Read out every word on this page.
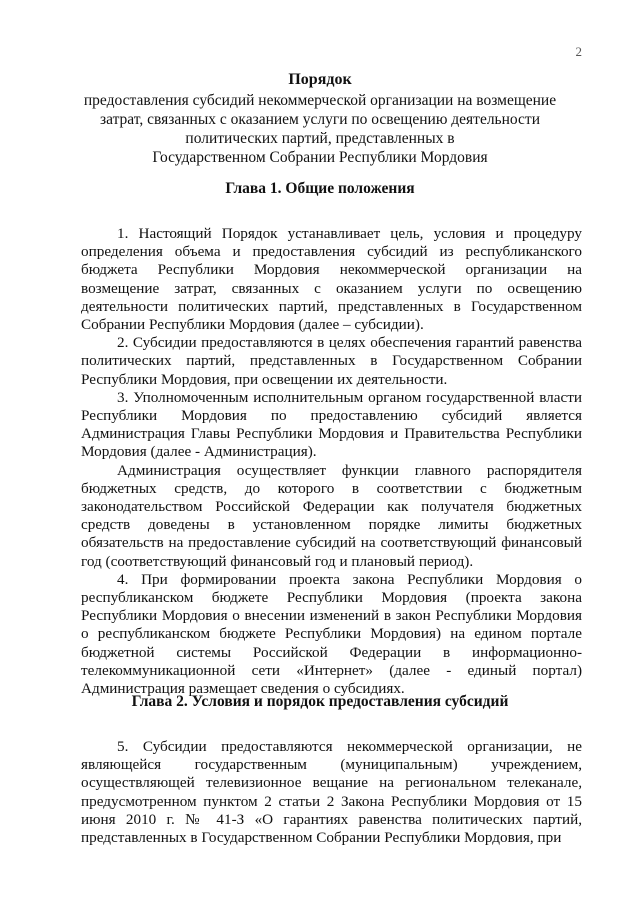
2
Порядок
предоставления субсидий некоммерческой организации на возмещение
затрат, связанных с оказанием услуги по освещению деятельности
политических партий, представленных в
Государственном Собрании Республики Мордовия
Глава 1. Общие положения

1. Настоящий Порядок устанавливает цель, условия и процедуру определения объема и предоставления субсидий из республиканского бюджета Республики Мордовия некоммерческой организации на возмещение затрат, связанных с оказанием услуги по освещению деятельности политических партий, представленных в Государственном Собрании Республики Мордовия (далее – субсидии).

2. Субсидии предоставляются в целях обеспечения гарантий равенства политических партий, представленных в Государственном Собрании Республики Мордовия, при освещении их деятельности.

3. Уполномоченным исполнительным органом государственной власти Республики Мордовия по предоставлению субсидий является Администрация Главы Республики Мордовия и Правительства Республики Мордовия (далее - Администрация).

Администрация осуществляет функции главного распорядителя бюджетных средств, до которого в соответствии с бюджетным законодательством Российской Федерации как получателя бюджетных средств доведены в установленном порядке лимиты бюджетных обязательств на предоставление субсидий на соответствующий финансовый год (соответствующий финансовый год и плановый период).

4. При формировании проекта закона Республики Мордовия о республиканском бюджете Республики Мордовия (проекта закона Республики Мордовия о внесении изменений в закон Республики Мордовия о республиканском бюджете Республики Мордовия) на едином портале бюджетной системы Российской Федерации в информационно-телекоммуникационной сети «Интернет» (далее - единый портал) Администрация размещает сведения о субсидиях.

Глава 2. Условия и порядок предоставления субсидий

5. Субсидии предоставляются некоммерческой организации, не являющейся государственным (муниципальным) учреждением, осуществляющей телевизионное вещание на региональном телеканале, предусмотренном пунктом 2 статьи 2 Закона Республики Мордовия от 15 июня 2010 г. № 41-З «О гарантиях равенства политических партий, представленных в Государственном Собрании Республики Мордовия, при
